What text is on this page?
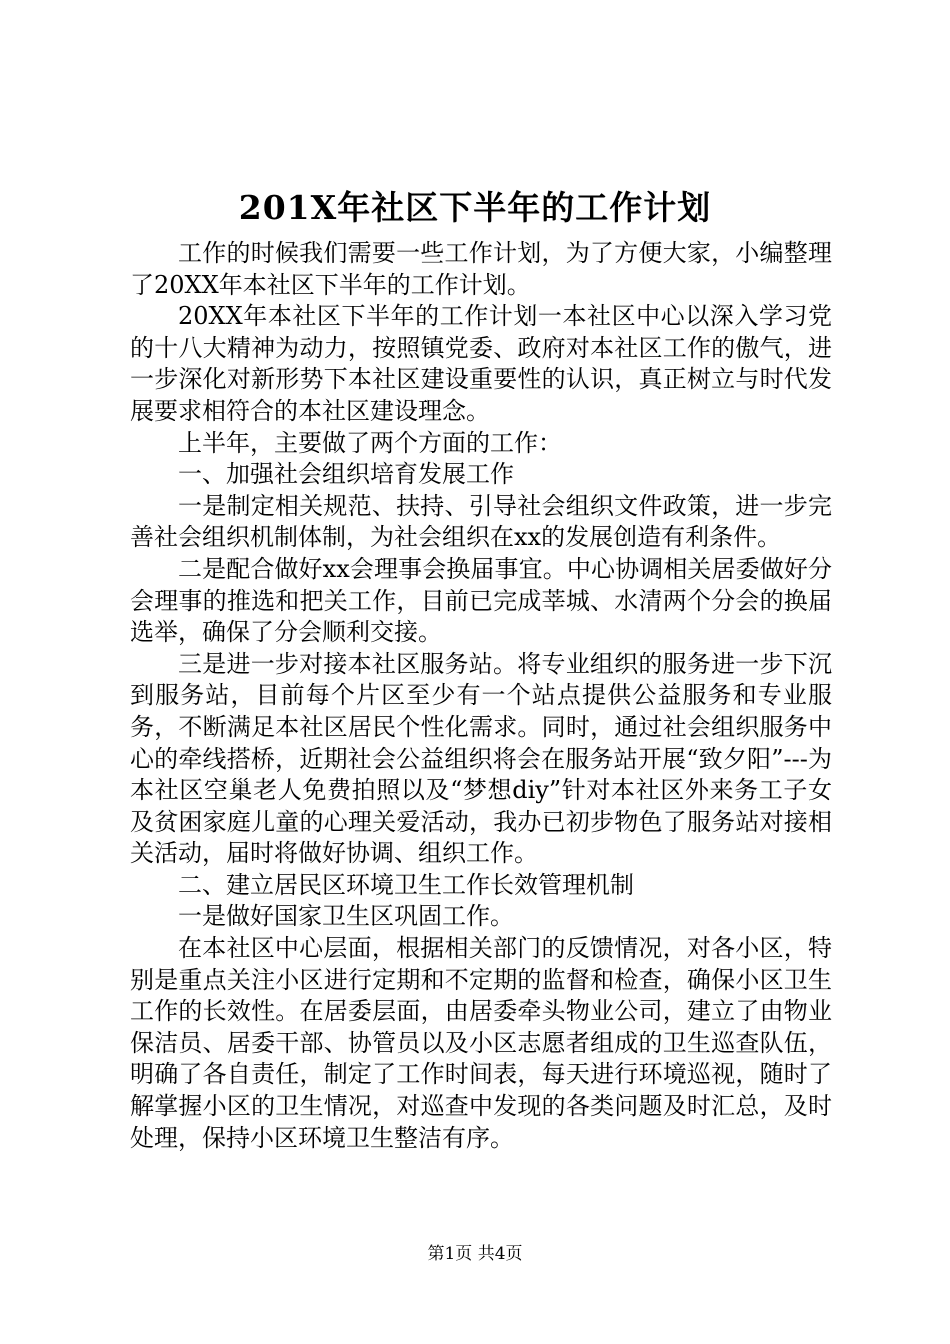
201X年社区下半年的工作计划

工作的时候我们需要一些工作计划，为了方便大家，小编整理了20XX年本社区下半年的工作计划。

20XX年本社区下半年的工作计划一本社区中心以深入学习党的十八大精神为动力，按照镇党委、政府对本社区工作的傲气，进一步深化对新形势下本社区建设重要性的认识，真正树立与时代发展要求相符合的本社区建设理念。

上半年，主要做了两个方面的工作：

一、加强社会组织培育发展工作

一是制定相关规范、扶持、引导社会组织文件政策，进一步完善社会组织机制体制，为社会组织在xx的发展创造有利条件。

二是配合做好xx会理事会换届事宜。中心协调相关居委做好分会理事的推选和把关工作，目前已完成莘城、水清两个分会的换届选举，确保了分会顺利交接。

三是进一步对接本社区服务站。将专业组织的服务进一步下沉到服务站，目前每个片区至少有一个站点提供公益服务和专业服务，不断满足本社区居民个性化需求。同时，通过社会组织服务中心的牵线搭桥，近期社会公益组织将会在服务站开展“致夕阳”---为本社区空巢老人免费拍照以及“梦想diy”针对本社区外来务工子女及贫困家庭儿童的心理关爱活动，我办已初步物色了服务站对接相关活动，届时将做好协调、组织工作。

二、建立居民区环境卫生工作长效管理机制

一是做好国家卫生区巩固工作。

在本社区中心层面，根据相关部门的反馈情况，对各小区，特别是重点关注小区进行定期和不定期的监督和检查，确保小区卫生工作的长效性。在居委层面，由居委牵头物业公司，建立了由物业保洁员、居委干部、协管员以及小区志愿者组成的卫生巡查队伍，明确了各自责任，制定了工作时间表，每天进行环境巡视，随时了解掌握小区的卫生情况，对巡查中发现的各类问题及时汇总，及时处理，保持小区环境卫生整洁有序。

第1页 共4页
